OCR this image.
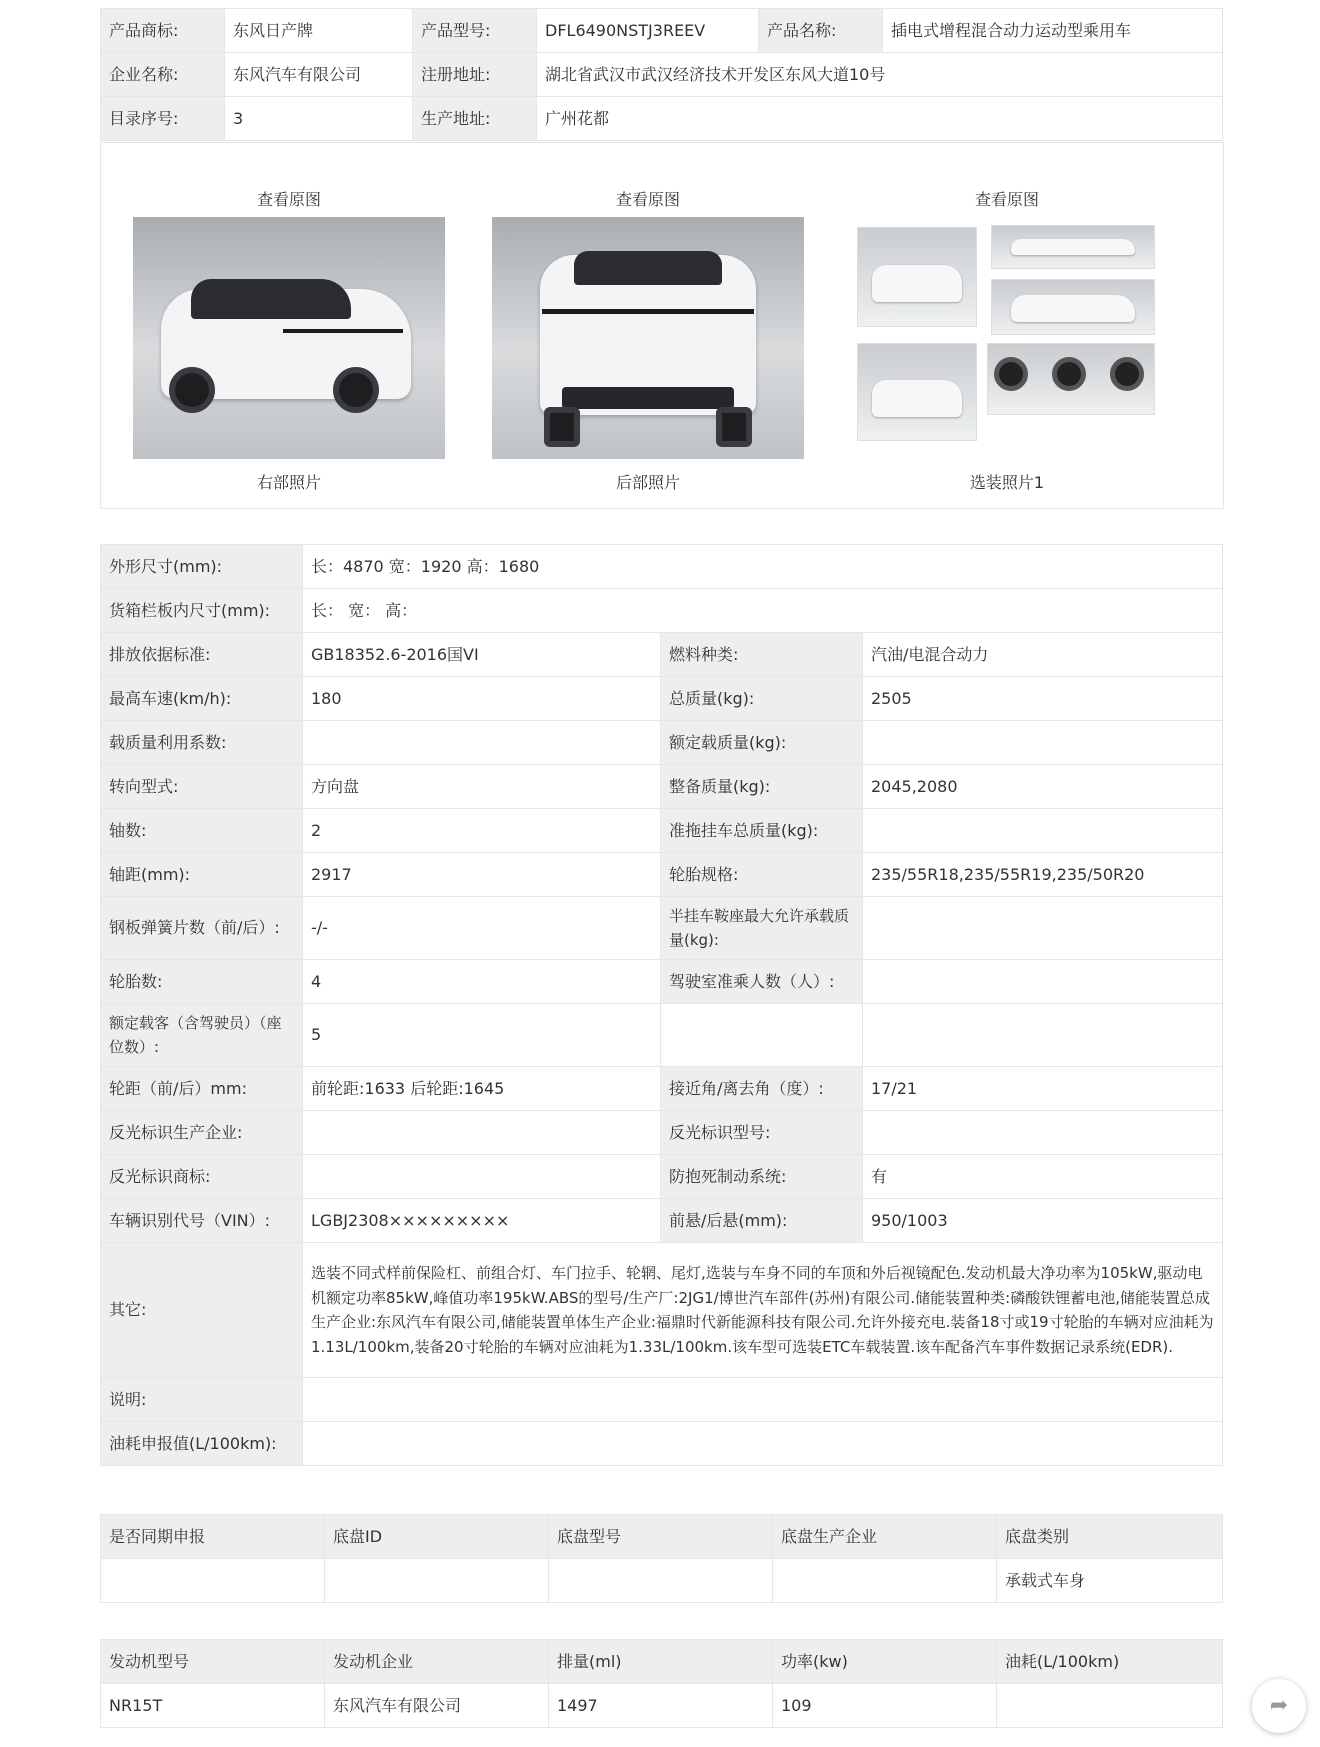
产品商标:	东风日产牌	产品型号:	DFL6490NSTJ3REEV	产品名称:	插电式增程混合动力运动型乘用车
企业名称:	东风汽车有限公司	注册地址:	湖北省武汉市武汉经济技术开发区东风大道10号		
目录序号:	3	生产地址:	广州花都		
查看原图
右部照片
查看原图
后部照片
查看原图
选装照片1
外形尺寸(mm):	长：4870 宽：1920 高：1680		
货箱栏板内尺寸(mm):	长： 宽： 高：		
排放依据标准:	GB18352.6-2016国VI	燃料种类:	汽油/电混合动力
最高车速(km/h):	180	总质量(kg):	2505
载质量利用系数:		额定载质量(kg):	
转向型式:	方向盘	整备质量(kg):	2045,2080
轴数:	2	准拖挂车总质量(kg):	
轴距(mm):	2917	轮胎规格:	235/55R18,235/55R19,235/50R20
钢板弹簧片数（前/后）:	-/-	半挂车鞍座最大允许承载质量(kg):	
轮胎数:	4	驾驶室准乘人数（人）:	
额定载客（含驾驶员）（座位数）:	5		
轮距（前/后）mm:	前轮距:1633 后轮距:1645	接近角/离去角（度）:	17/21
反光标识生产企业:		反光标识型号:	
反光标识商标:		防抱死制动系统:	有
车辆识别代号（VIN）:	LGBJ2308×××××××××	前悬/后悬(mm):	950/1003
其它:	选装不同式样前保险杠、前组合灯、车门拉手、轮辋、尾灯,选装与车身不同的车顶和外后视镜配色.发动机最大净功率为105kW,驱动电机额定功率85kW,峰值功率195kW.ABS的型号/生产厂:2JG1/博世汽车部件(苏州)有限公司.储能装置种类:磷酸铁锂蓄电池,储能装置总成生产企业:东风汽车有限公司,储能装置单体生产企业:福鼎时代新能源科技有限公司.允许外接充电.装备18寸或19寸轮胎的车辆对应油耗为1.13L/100km,装备20寸轮胎的车辆对应油耗为1.33L/100km.该车型可选装ETC车载装置.该车配备汽车事件数据记录系统(EDR).		
说明:			
油耗申报值(L/100km):			
是否同期申报	底盘ID	底盘型号	底盘生产企业	底盘类别
				承载式车身
发动机型号	发动机企业	排量(ml)	功率(kw)	油耗(L/100km)
NR15T	东风汽车有限公司	1497	109		➦
